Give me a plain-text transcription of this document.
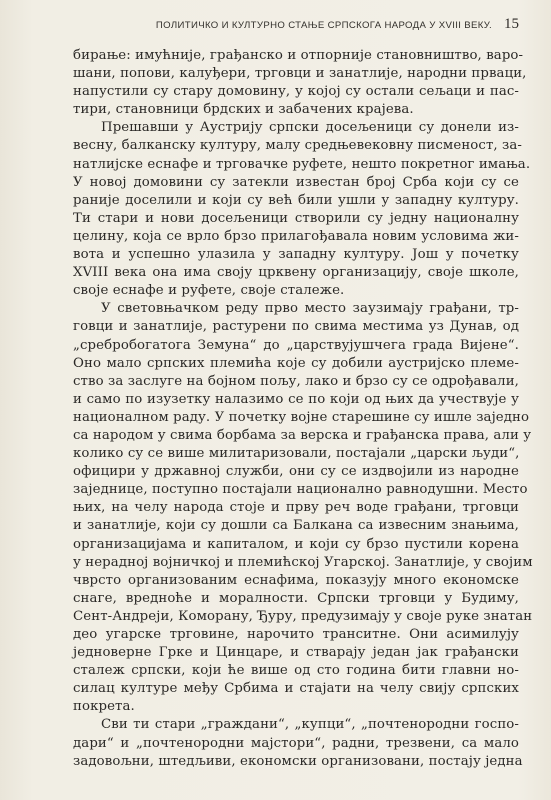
ПОЛИТИЧКО И КУЛТУРНО СТАЊЕ СРПСКОГА НАРОДА У XVIII ВЕКУ. 15
бирање: имућније, грађанско и отпорније становништво, варо-
шани, попови, калуђери, трговци и занатлије, народни првaци,
напустили су стару домовину, у којој су остали сељаци и пас-
тири, становници брдских и забачених крајева.
Прешавши у Аустрију српски досељеници су донели из-
весну, балканску културу, малу средњевековну писменост, за-
натлијске еснафе и трговачке руфете, нешто покретног имања.
У новој домовини су затекли известан број Срба који су се
раније доселили и који су већ били ушли у западну културу.
Ти стари и нови досељеници створили су једну националну
целину, која се врло брзо прилагођавала новим условима жи-
вота и успешно улазила у западну културу. Још у почетку
XVIII века она има своју црквену организацију, своје школе,
своје еснафе и руфете, своје сталеже.
У световњачком реду прво место заузимају грађани, тр-
говци и занатлије, растурени по свима местима уз Дунав, од
„сребробогатога Земуна“ до „царствујушчега града Вијене“.
Оно мало српских племића које су добили аустријско племе-
ство за заслуге на бојном пољу, лако и брзо су се одрођавали,
и само по изузетку налазимо се по који од њих да учествује у
националном раду. У почетку војне старешине су ишле заједно
са народом у свима борбама за верска и грађанска права, али у
колико су се више милитаризовали, постајали „царски људи“,
официри у државној служби, они су се издвојили из народне
заједнице, поступно постајали национално равнодушни. Место
њих, на челу народа стоје и прву реч воде грађани, трговци
и занатлије, који су дошли са Балкана са извесним знањима,
организацијама и капиталом, и који су брзо пустили корена
у нерадној војничкој и племићској Угарској. Занатлије, у својим
чврсто организованим еснафима, показују много економске
снаге, вредноће и моралности. Српски трговци у Будиму,
Сент-Андреји, Коморану, Ђуру, предузимају у своје руке знатан
део угарске трговине, нарочито транситне. Они асимилују
једноверне Грке и Цинцаре, и стварају један јак грађански
сталеж српски, који ће више од сто година бити главни но-
силац културе међу Србима и стајати на челу свију српских
покрета.
Сви ти стари „граждани“, „купци“, „почтенородни госпо-
дари“ и „почтенородни мајстори“, радни, трезвени, са мало
задовољни, штедљиви, економски организовани, постају једна
